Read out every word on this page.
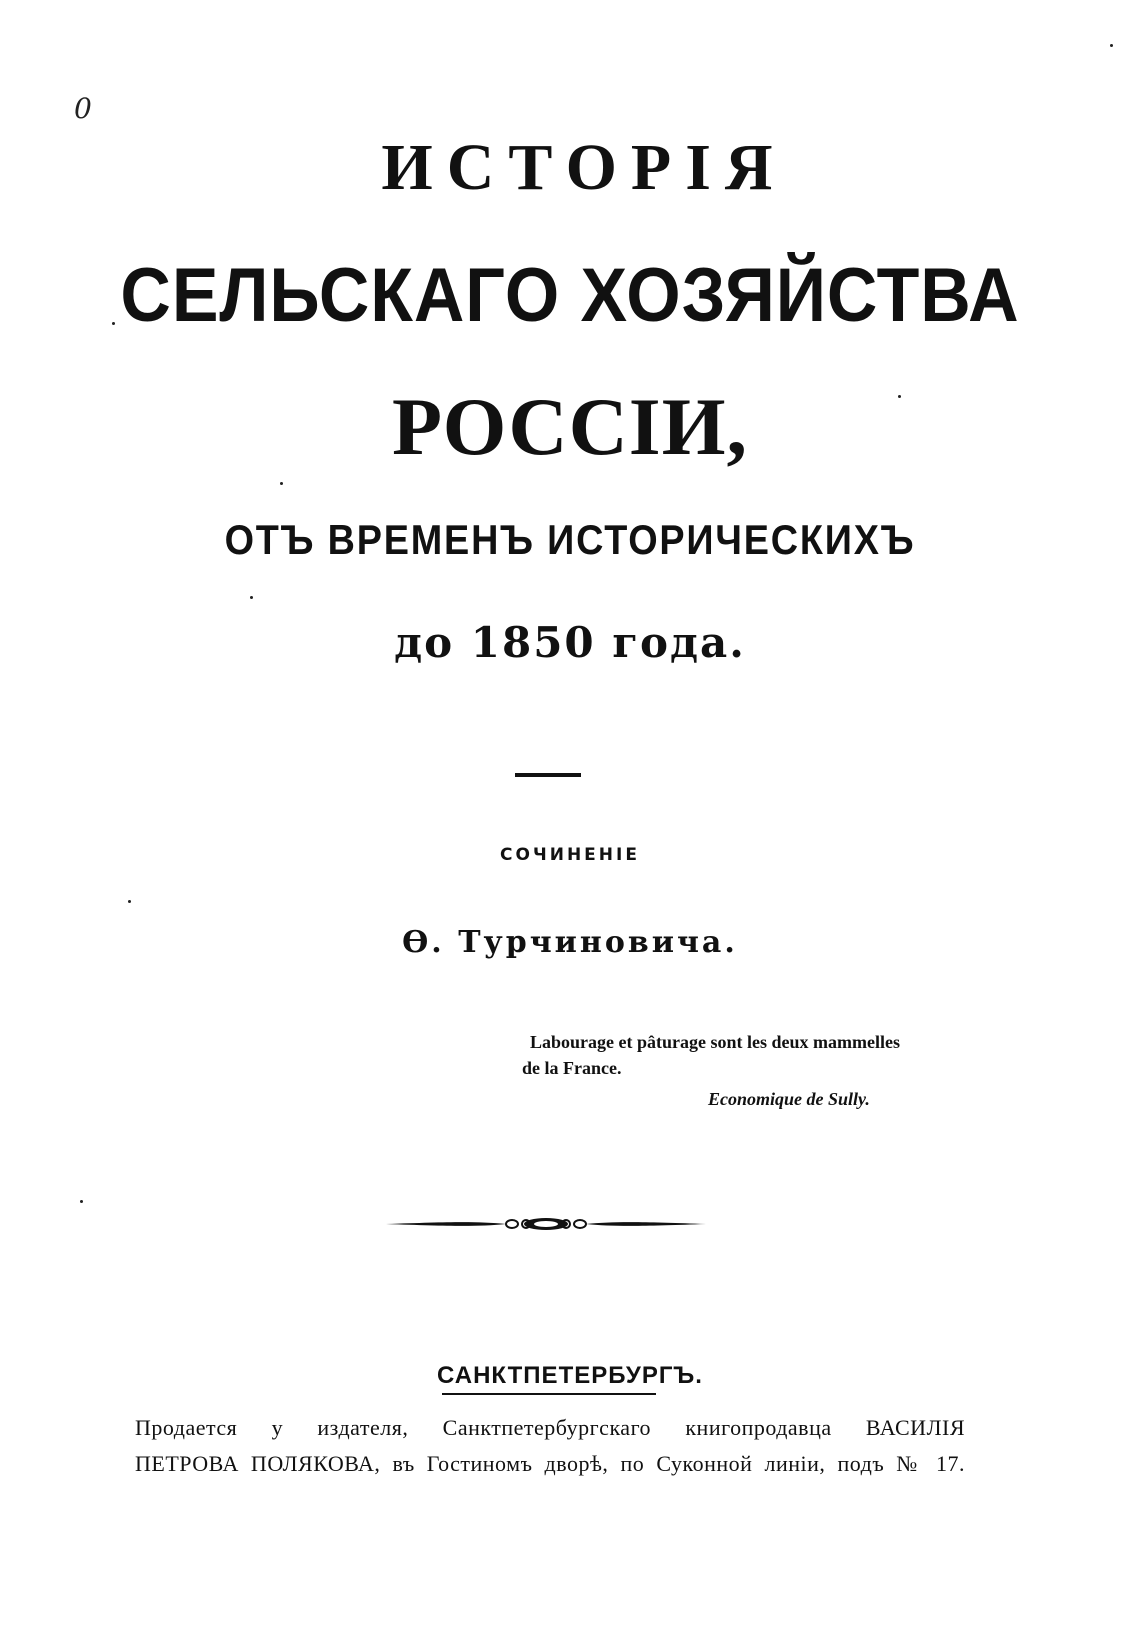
0
ИСТОРІЯ
СЕЛЬСКАГО ХОЗЯЙСТВА
РОССІИ,
ОТЪ ВРЕМЕНЪ ИСТОРИЧЕСКИХЪ
до 1850 года.
СОЧИНЕНІЕ
Ѳ. Турчиновича.
Labourage et pâturage sont les deux mammelles
de la France.
Economique de Sully.
САНКТПЕТЕРБУРГЪ.
Продается у издателя, Санктпетербургскаго книгопродавца ВАСИЛІЯ
ПЕТРОВА ПОЛЯКОВА, въ Гостиномъ дворѣ, по Суконной линіи, подъ № 17.
